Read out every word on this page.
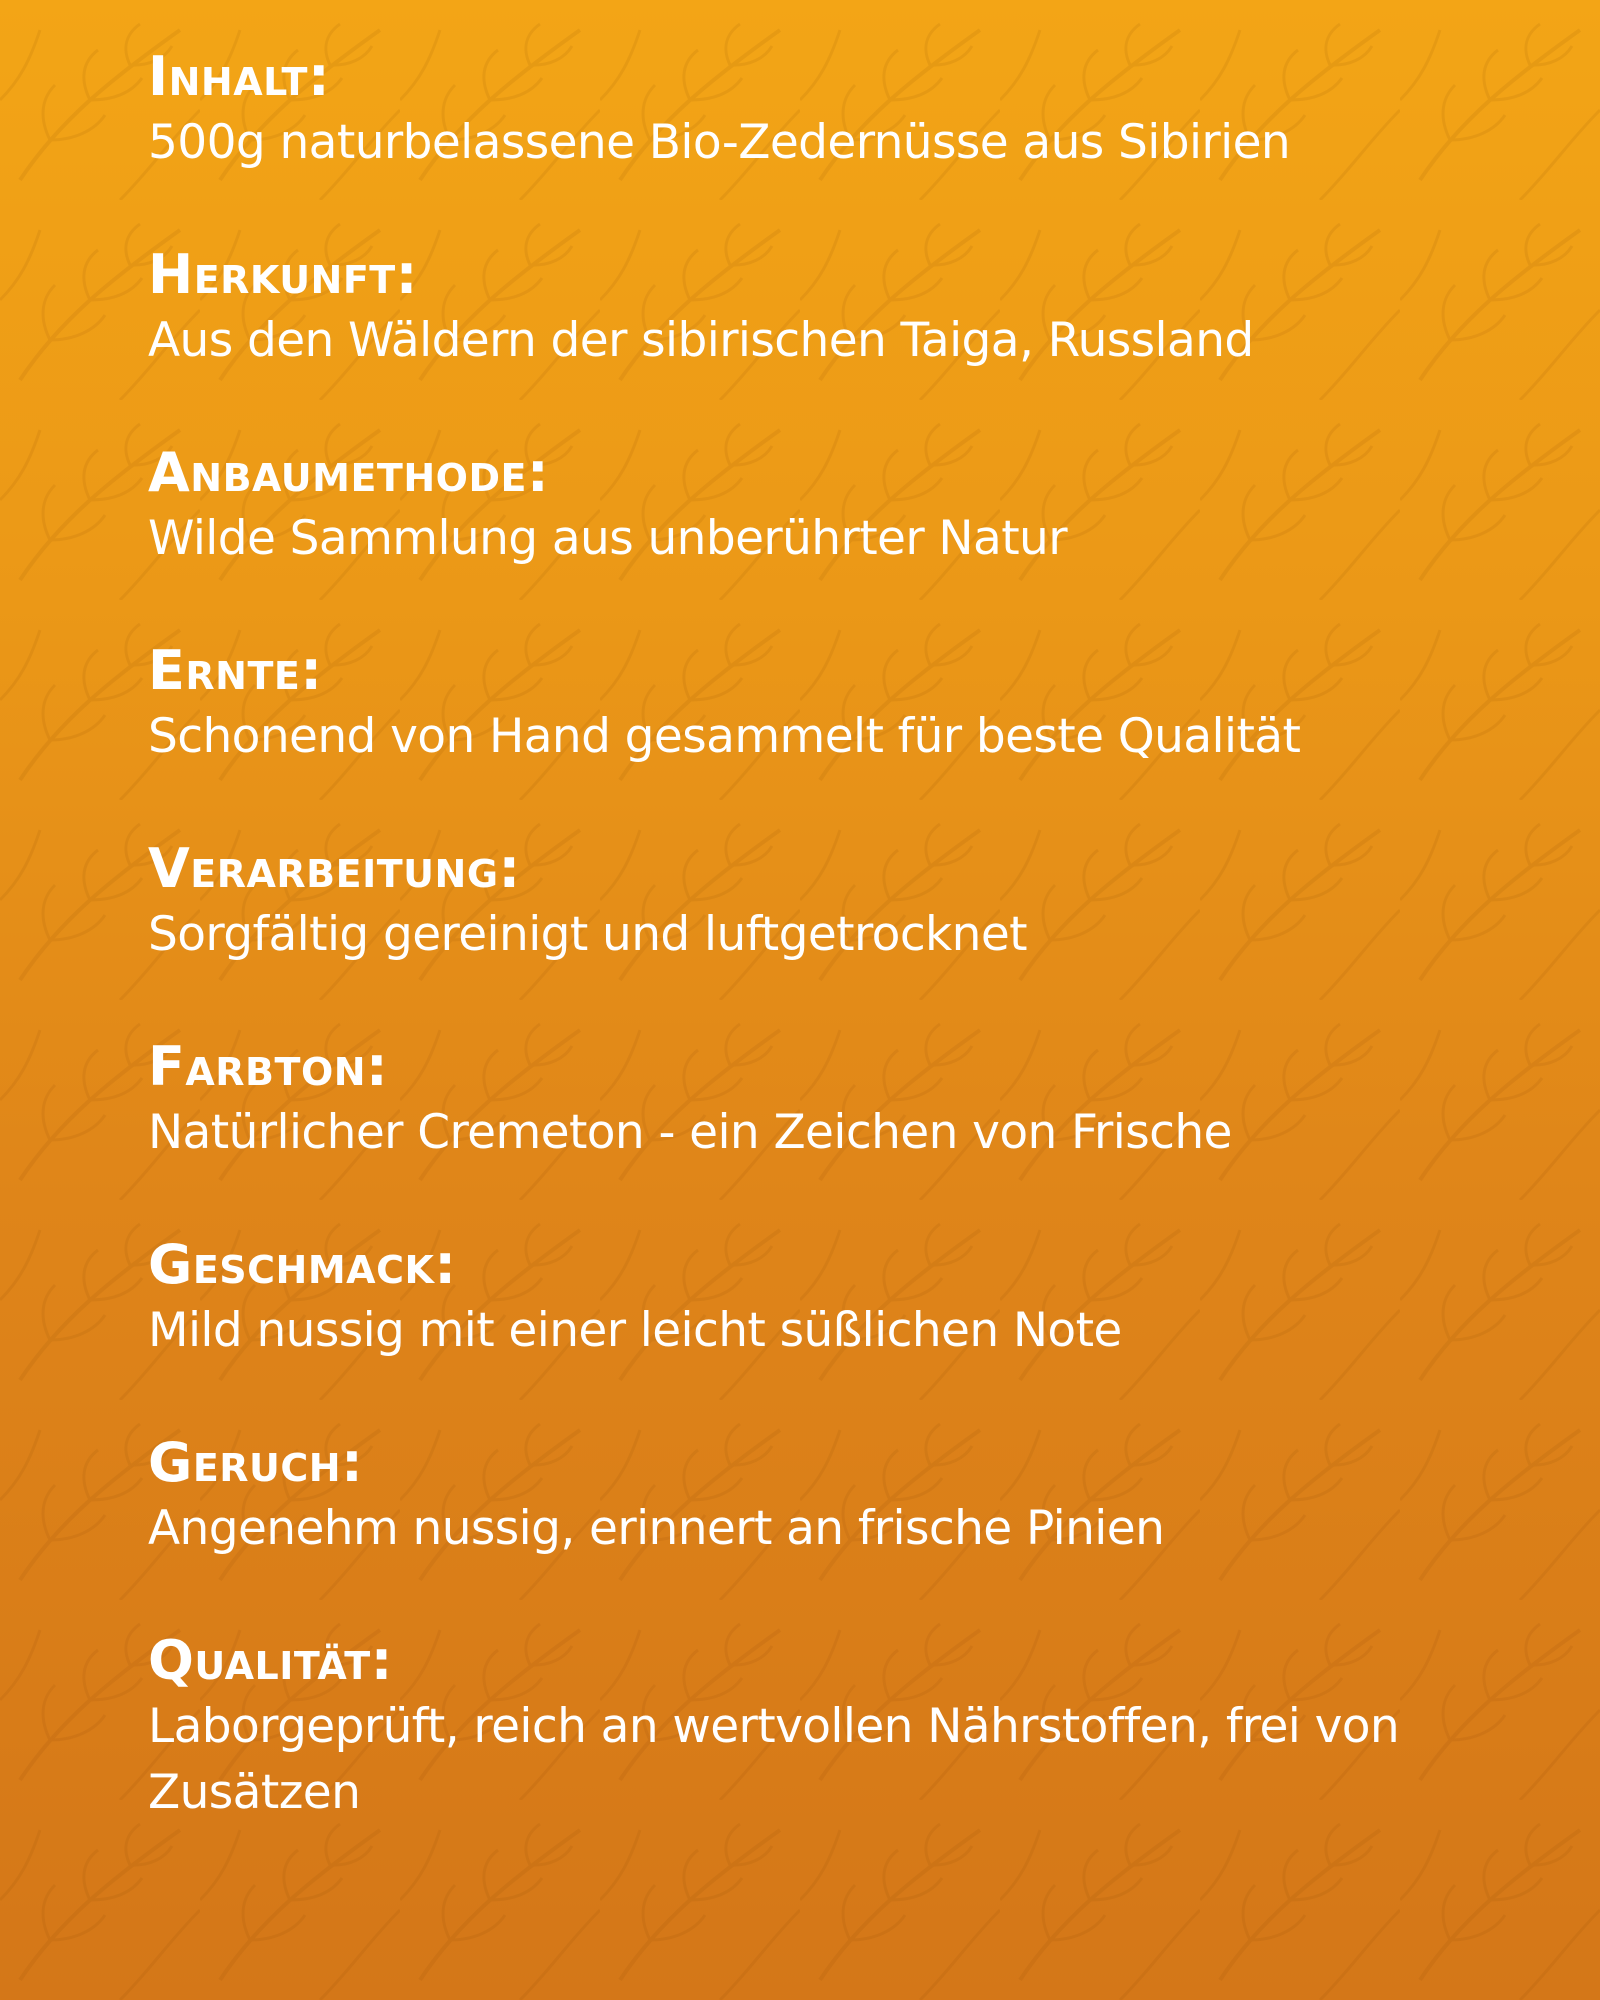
Inhalt:
500g naturbelassene Bio-Zedernüsse aus Sibirien
Herkunft:
Aus den Wäldern der sibirischen Taiga, Russland
Anbaumethode:
Wilde Sammlung aus unberührter Natur
Ernte:
Schonend von Hand gesammelt für beste Qualität
Verarbeitung:
Sorgfältig gereinigt und luftgetrocknet
Farbton:
Natürlicher Cremeton - ein Zeichen von Frische
Geschmack:
Mild nussig mit einer leicht süßlichen Note
Geruch:
Angenehm nussig, erinnert an frische Pinien
Qualität:
Laborgeprüft, reich an wertvollen Nährstoffen, frei von Zusätzen
